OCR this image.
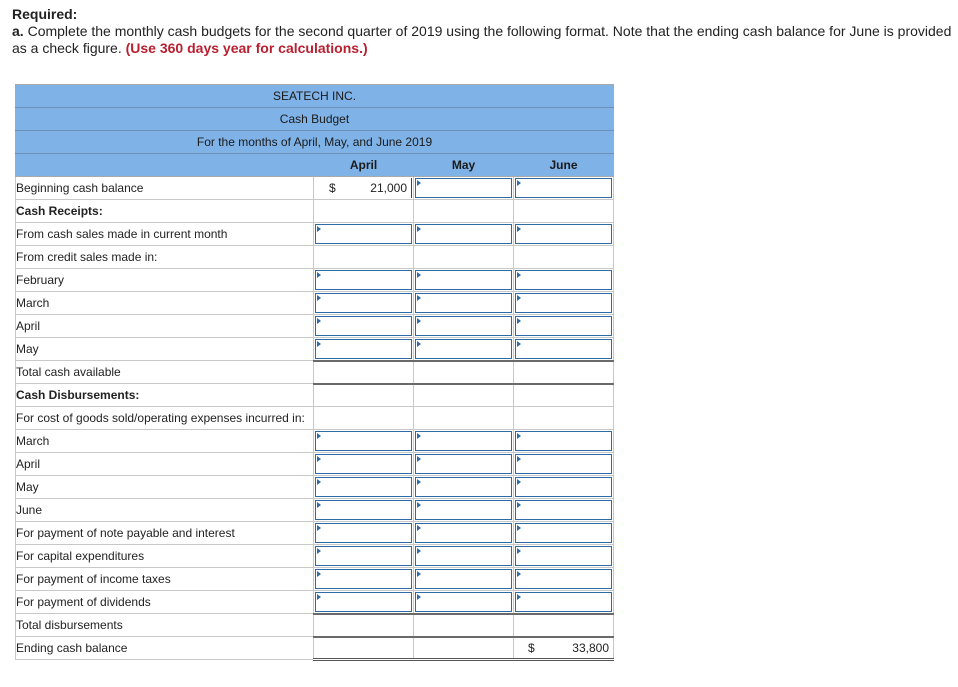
Required:
a. Complete the monthly cash budgets for the second quarter of 2019 using the following format. Note that the ending cash balance for June is provided as a check figure. (Use 360 days year for calculations.)
SEATECH INC.			
Cash Budget			
For the months of April, May, and June 2019			
	April	May	June
Beginning cash balance	$ 21,000		

Cash Receipts:			
From cash sales made in current month	

From credit sales made in:			
February	

March	

April	

May	

Total cash available			
Cash Disbursements:			
For cost of goods sold/operating expenses incurred in:			
March	

April	

May	

June	

For payment of note payable and interest	

For capital expenditures	

For payment of income taxes	

For payment of dividends	

Total disbursements			
Ending cash balance			$ 33,800
